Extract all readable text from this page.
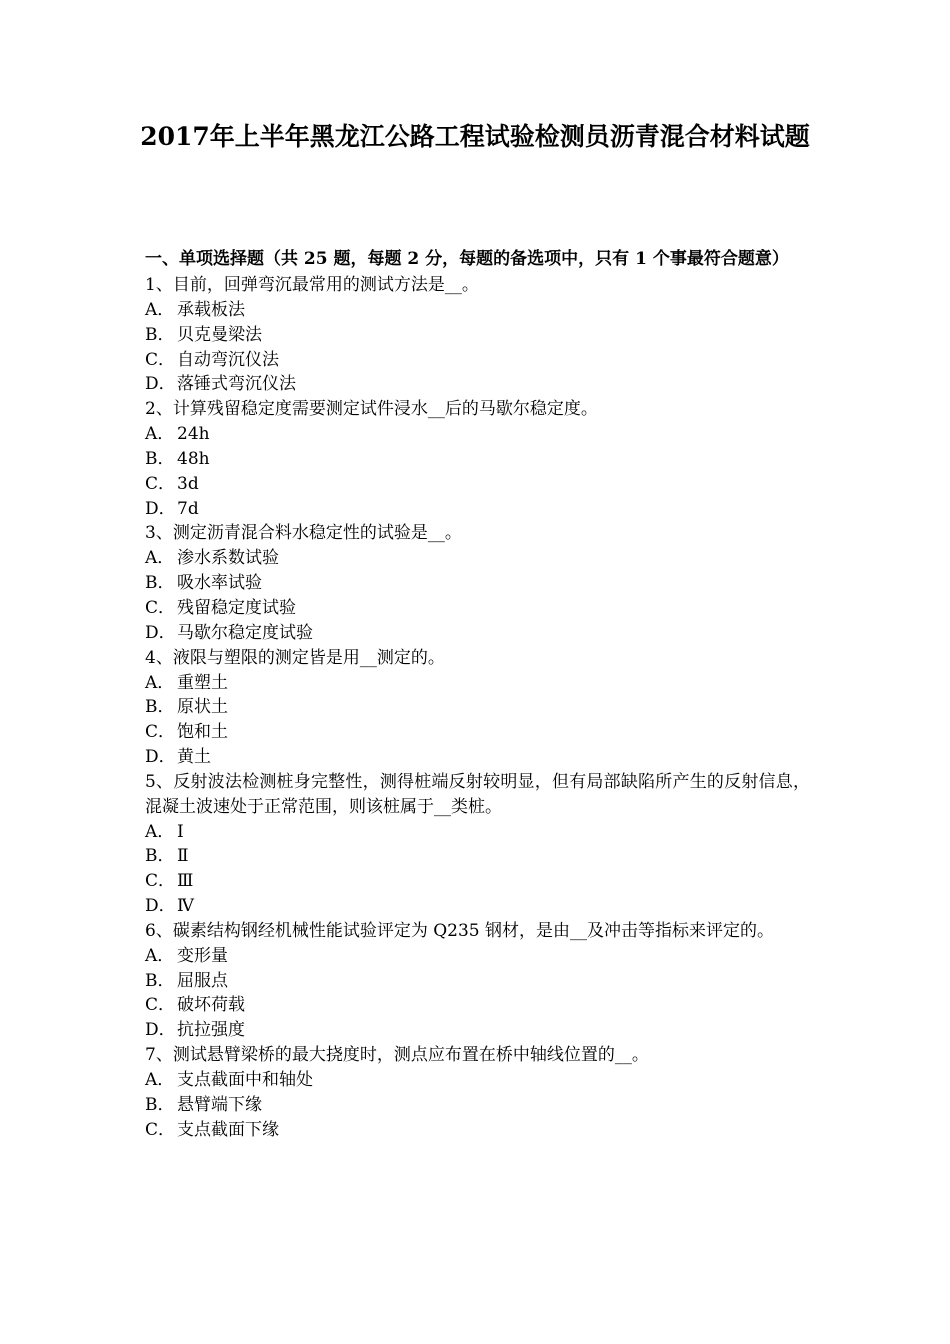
2017年上半年黑龙江公路工程试验检测员沥青混合材料试题

一、单项选择题（共 25 题，每题 2 分，每题的备选项中，只有 1 个事最符合题意）

1、目前，回弹弯沉最常用的测试方法是__。

A． 承载板法
B． 贝克曼梁法
C． 自动弯沉仪法
D． 落锤式弯沉仪法

2、计算残留稳定度需要测定试件浸水__后的马歇尔稳定度。

A． 24h
B． 48h
C． 3d
D． 7d

3、测定沥青混合料水稳定性的试验是__。

A． 渗水系数试验
B． 吸水率试验
C． 残留稳定度试验
D． 马歇尔稳定度试验

4、液限与塑限的测定皆是用__测定的。

A． 重塑土
B． 原状土
C． 饱和土
D． 黄土

5、反射波法检测桩身完整性，测得桩端反射较明显，但有局部缺陷所产生的反射信息，混凝土波速处于正常范围，则该桩属于__类桩。

A． Ⅰ
B． Ⅱ
C． Ⅲ
D． Ⅳ

6、碳素结构钢经机械性能试验评定为 Q235 钢材，是由__及冲击等指标来评定的。

A． 变形量
B． 屈服点
C． 破坏荷载
D． 抗拉强度

7、测试悬臂梁桥的最大挠度时，测点应布置在桥中轴线位置的__。

A． 支点截面中和轴处
B． 悬臂端下缘
C． 支点截面下缘
